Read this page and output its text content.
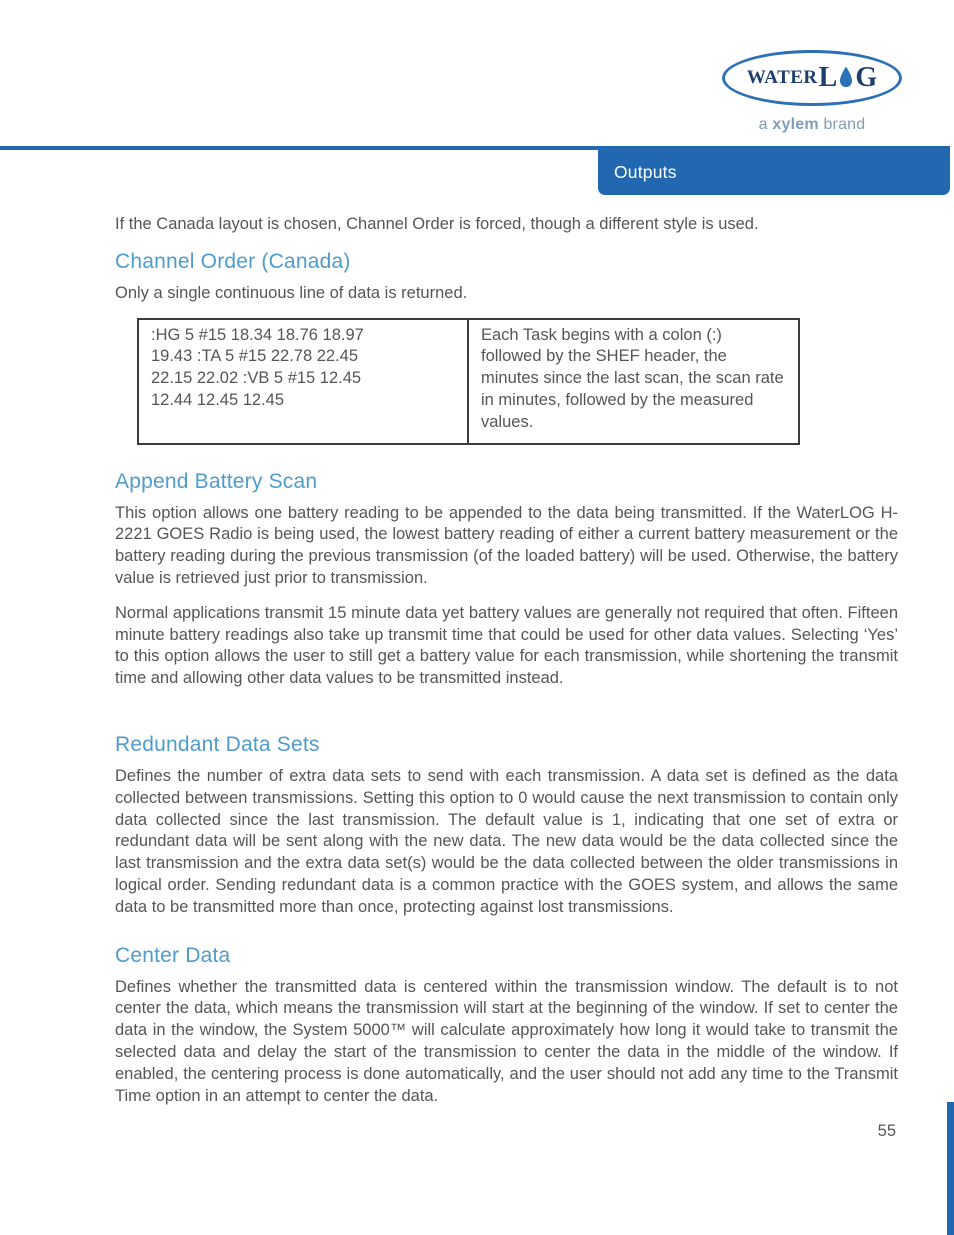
WATER L G
a xylem brand
Outputs

If the Canada layout is chosen, Channel Order is forced, though a different style is used.

Channel Order (Canada)

Only a single continuous line of data is returned.

:HG 5 #15 18.34 18.76 18.97
19.43 :TA 5 #15 22.78 22.45
22.15 22.02 :VB 5 #15 12.45
12.44 12.45 12.45
Each Task begins with a colon (:) followed by the SHEF header, the minutes since the last scan, the scan rate in minutes, followed by the measured values.
Append Battery Scan

This option allows one battery reading to be appended to the data being transmitted. If the WaterLOG H-2221 GOES Radio is being used, the lowest battery reading of either a current battery measurement or the battery reading during the previous transmission (of the loaded battery) will be used. Otherwise, the battery value is retrieved just prior to transmission.

Normal applications transmit 15 minute data yet battery values are generally not required that often. Fifteen minute battery readings also take up transmit time that could be used for other data values. Selecting ‘Yes’ to this option allows the user to still get a battery value for each transmission, while shortening the transmit time and allowing other data values to be transmitted instead.

Redundant Data Sets

Defines the number of extra data sets to send with each transmission. A data set is defined as the data collected between transmissions. Setting this option to 0 would cause the next transmission to contain only data collected since the last transmission. The default value is 1, indicating that one set of extra or redundant data will be sent along with the new data. The new data would be the data collected since the last transmission and the extra data set(s) would be the data collected between the older transmissions in logical order. Sending redundant data is a common practice with the GOES system, and allows the same data to be transmitted more than once, protecting against lost transmissions.

Center Data

Defines whether the transmitted data is centered within the transmission window. The default is to not center the data, which means the transmission will start at the beginning of the window. If set to center the data in the window, the System 5000™ will calculate approximately how long it would take to transmit the selected data and delay the start of the transmission to center the data in the middle of the window. If enabled, the centering process is done automatically, and the user should not add any time to the Transmit Time option in an attempt to center the data.

55
